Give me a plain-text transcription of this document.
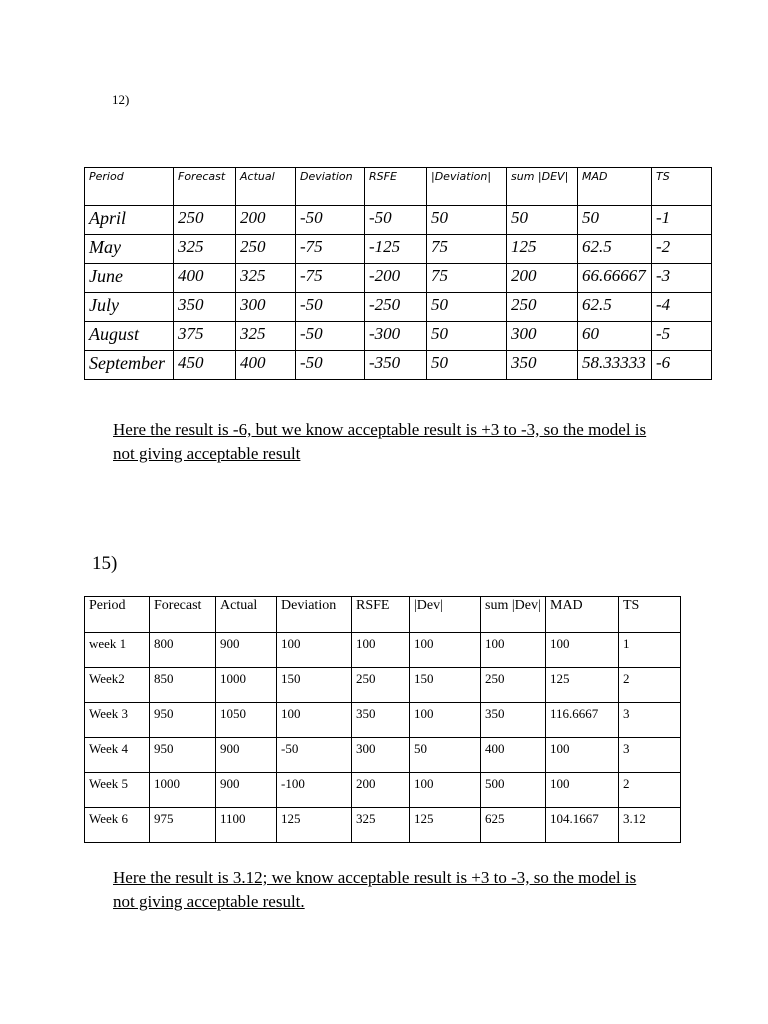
12)
Period	Forecast	Actual	Deviation	RSFE	|Deviation|	sum |DEV|	MAD	TS
April	250	200	-50	-50	50	50	50	-1
May	325	250	-75	-125	75	125	62.5	-2
June	400	325	-75	-200	75	200	66.66667	-3
July	350	300	-50	-250	50	250	62.5	-4
August	375	325	-50	-300	50	300	60	-5
September	450	400	-50	-350	50	350	58.33333	-6
Here the result is -6, but we know acceptable result is +3 to -3, so the model is
not giving acceptable result
15)
Period	Forecast	Actual	Deviation	RSFE	|Dev|	sum |Dev|	MAD	TS
week 1	800	900	100	100	100	100	100	1
Week2	850	1000	150	250	150	250	125	2
Week 3	950	1050	100	350	100	350	116.6667	3
Week 4	950	900	-50	300	50	400	100	3
Week 5	1000	900	-100	200	100	500	100	2
Week 6	975	1100	125	325	125	625	104.1667	3.12
Here the result is 3.12; we know acceptable result is +3 to -3, so the model is
not giving acceptable result.
